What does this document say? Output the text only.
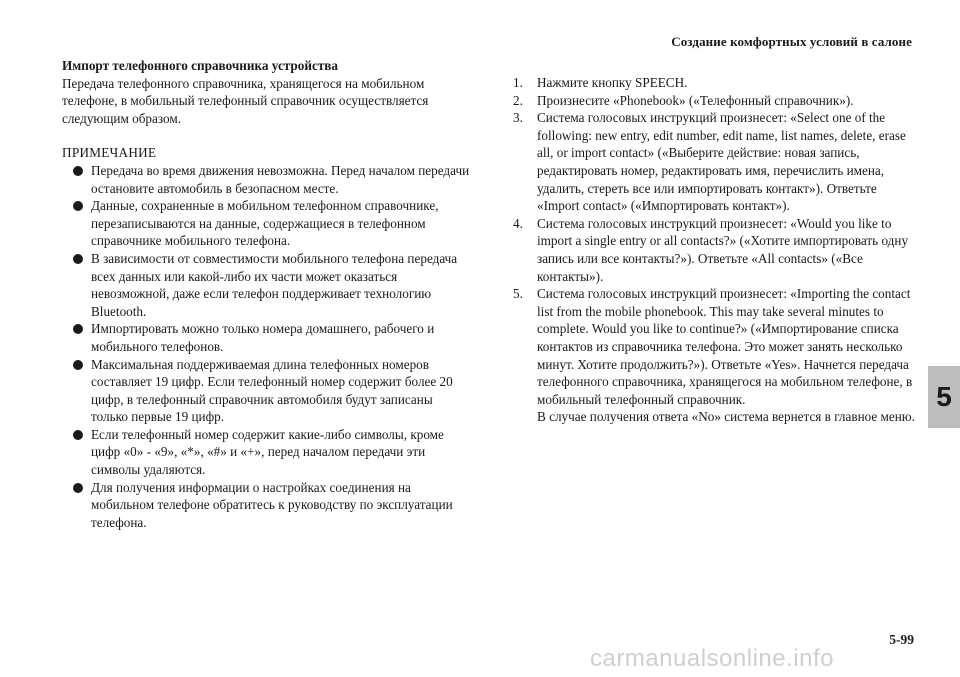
Создание комфортных условий в салоне
Импорт телефонного справочника устройства

Передача телефонного справочника, хранящегося на мобильном телефоне, в мобильный телефонный справочник осуществляется следующим образом.

ПРИМЕЧАНИЕ
Передача во время движения невозможна. Перед началом передачи остановите автомобиль в безопасном месте.
Данные, сохраненные в мобильном телефонном справочнике, перезаписываются на данные, содержащиеся в телефонном справочнике мобильного телефона.
В зависимости от совместимости мобильного телефона передача всех данных или какой-либо их части может оказаться невозможной, даже если телефон поддерживает технологию Bluetooth.
Импортировать можно только номера домашнего, рабочего и мобильного телефонов.
Максимальная поддерживаемая длина телефонных номеров составляет 19 цифр. Если телефонный номер содержит более 20 цифр, в телефонный справочник автомобиля будут записаны только первые 19 цифр.
Если телефонный номер содержит какие-либо символы, кроме цифр «0» - «9», «*», «#» и «+», перед началом передачи эти символы удаляются.
Для получения информации о настройках соединения на мобильном телефоне обратитесь к руководству по эксплуатации телефона.
1. Нажмите кнопку SPEECH.
2. Произнесите «Phonebook» («Телефонный справочник»).
3. Система голосовых инструкций произнесет: «Select one of the following: new entry, edit number, edit name, list names, delete, erase all, or import contact» («Выберите действие: новая запись, редактировать номер, редактировать имя, перечислить имена, удалить, стереть все или импортировать контакт»). Ответьте «Import contact» («Импортировать контакт»).
4. Система голосовых инструкций произнесет: «Would you like to import a single entry or all contacts?» («Хотите импортировать одну запись или все контакты?»). Ответьте «All contacts» («Все контакты»).
5. Система голосовых инструкций произнесет: «Importing the contact list from the mobile phonebook. This may take several minutes to complete. Would you like to continue?» («Импортирование списка контактов из справочника телефона. Это может занять несколько минут. Хотите продолжить?»). Ответьте «Yes». Начнется передача телефонного справочника, хранящегося на мобильном телефоне, в мобильный телефонный справочник.
В случае получения ответа «No» система вернется в главное меню.
5
5-99
carmanualsonline.info
